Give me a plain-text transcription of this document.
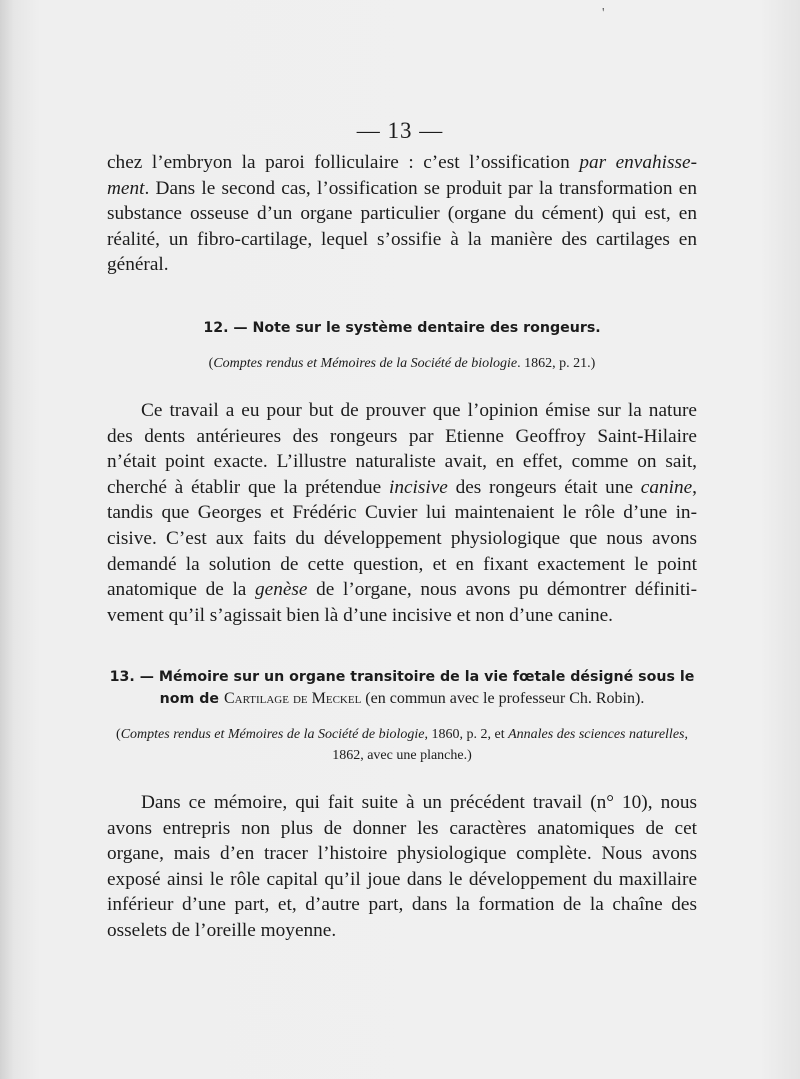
'
— 13 —
chez l’embryon la paroi folliculaire : c’est l’ossification par envahisse-ment. Dans le second cas, l’ossification se produit par la transformation en substance osseuse d’un organe particulier (organe du cément) qui est, en réalité, un fibro-cartilage, lequel s’ossifie à la manière des cartilages en général.
12. — Note sur le système dentaire des rongeurs.
(Comptes rendus et Mémoires de la Société de biologie. 1862, p. 21.)
Ce travail a eu pour but de prouver que l’opinion émise sur la nature des dents antérieures des rongeurs par Etienne Geoffroy Saint-Hilaire n’était point exacte. L’illustre naturaliste avait, en effet, comme on sait, cherché à établir que la prétendue incisive des rongeurs était une canine, tandis que Georges et Frédéric Cuvier lui maintenaient le rôle d’une in-cisive. C’est aux faits du développement physiologique que nous avons demandé la solution de cette question, et en fixant exactement le point anatomique de la genèse de l’organe, nous avons pu démontrer définiti-vement qu’il s’agissait bien là d’une incisive et non d’une canine.
13. — Mémoire sur un organe transitoire de la vie fœtale désigné sous le nom de Cartilage de Meckel (en commun avec le professeur Ch. Robin).
(Comptes rendus et Mémoires de la Société de biologie, 1860, p. 2, et Annales des sciences naturelles, 1862, avec une planche.)
Dans ce mémoire, qui fait suite à un précédent travail (n° 10), nous avons entrepris non plus de donner les caractères anatomiques de cet organe, mais d’en tracer l’histoire physiologique complète. Nous avons exposé ainsi le rôle capital qu’il joue dans le développement du maxillaire inférieur d’une part, et, d’autre part, dans la formation de la chaîne des osselets de l’oreille moyenne.
